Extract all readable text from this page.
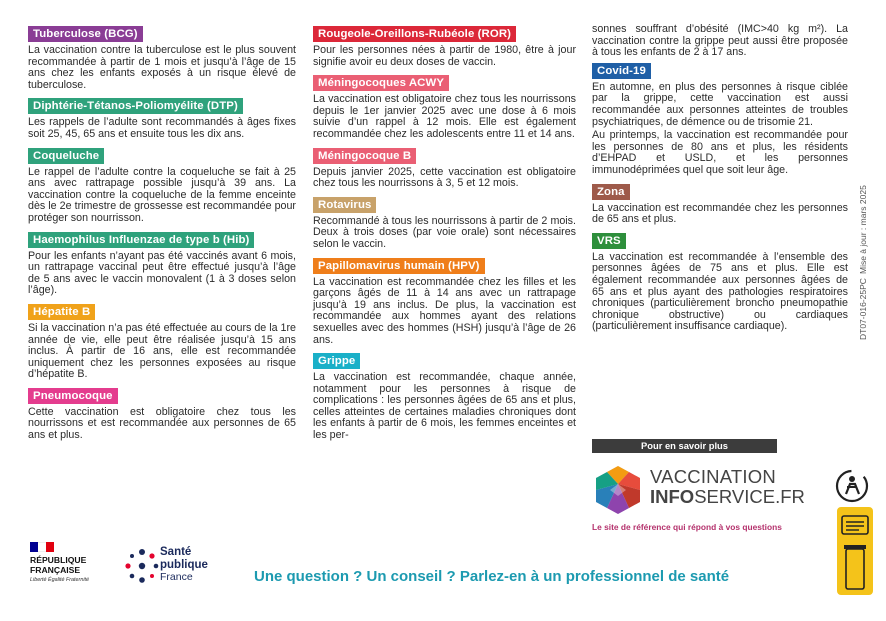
Tuberculose (BCG)

La vaccination contre la tuberculose est le plus souvent recommandée à partir de 1 mois et jusqu’à l’âge de 15 ans chez les enfants exposés à un risque élevé de tuberculose.

Diphtérie-Tétanos-Poliomyélite (DTP)

Les rappels de l’adulte sont recommandés à âges fixes soit 25, 45, 65 ans et ensuite tous les dix ans.

Coqueluche

Le rappel de l’adulte contre la coqueluche se fait à 25 ans avec rattrapage possible jusqu’à 39 ans. La vaccination contre la coqueluche de la femme enceinte dès le 2e trimestre de grossesse est recommandée pour protéger son nourrisson.

Haemophilus Influenzae de type b (Hib)

Pour les enfants n’ayant pas été vaccinés avant 6 mois, un rattrapage vaccinal peut être effectué jusqu’à l’âge de 5 ans avec le vaccin monovalent (1 à 3 doses selon l’âge).

Hépatite B

Si la vaccination n’a pas été effectuée au cours de la 1re année de vie, elle peut être réalisée jusqu’à 15 ans inclus. À partir de 16 ans, elle est recommandée uniquement chez les personnes exposées au risque d’hépatite B.

Pneumocoque

Cette vaccination est obligatoire chez tous les nourrissons et est recommandée aux personnes de 65 ans et plus.

Rougeole-Oreillons-Rubéole (ROR)

Pour les personnes nées à partir de 1980, être à jour signifie avoir eu deux doses de vaccin.

Méningocoques ACWY

La vaccination est obligatoire chez tous les nourrissons depuis le 1er janvier 2025 avec une dose à 6 mois suivie d’un rappel à 12 mois. Elle est également recommandée chez les adolescents entre 11 et 14 ans.

Méningocoque B

Depuis janvier 2025, cette vaccination est obligatoire chez tous les nourrissons à 3, 5 et 12 mois.

Rotavirus

Recommandé à tous les nourrissons à partir de 2 mois. Deux à trois doses (par voie orale) sont nécessaires selon le vaccin.

Papillomavirus humain (HPV)

La vaccination est recommandée chez les filles et les garçons âgés de 11 à 14 ans avec un rattrapage jusqu’à 19 ans inclus. De plus, la vaccination est recommandée aux hommes ayant des relations sexuelles avec des hommes (HSH) jusqu’à l’âge de 26 ans.

Grippe

La vaccination est recommandée, chaque année, notamment pour les personnes à risque de complications : les personnes âgées de 65 ans et plus, celles atteintes de certaines maladies chroniques dont les enfants à partir de 6 mois, les femmes enceintes et les per-

sonnes souffrant d’obésité (IMC>40 kg m²). La vaccination contre la grippe peut aussi être proposée à tous les enfants de 2 à 17 ans.

Covid-19

En automne, en plus des personnes à risque ciblée par la grippe, cette vaccination est aussi recommandée aux personnes atteintes de troubles psychiatriques, de démence ou de trisomie 21.

Au printemps, la vaccination est recommandée pour les personnes de 80 ans et plus, les résidents d’EHPAD et USLD, et les personnes immunodéprimées quel que soit leur âge.

Zona

La vaccination est recommandée chez les personnes de 65 ans et plus.

VRS

La vaccination est recommandée à l’ensemble des personnes âgées de 75 ans et plus. Elle est également recommandée aux personnes âgées de 65 ans et plus ayant des pathologies respiratoires chroniques (particulièrement broncho pneumopathie chronique obstructive) ou cardiaques (particulièrement insuffisance cardiaque).	DT07-016-25PC
Mise à jour : mars 2025
Pour en savoir plus
VACCINATION
INFOSERVICE.FR
Le site de référence qui répond à vos questions
RÉPUBLIQUE FRANÇAISE
Liberté Égalité Fraternité
Santé
publique
France	Une question ? Un conseil ? Parlez-en à un professionnel de santé
